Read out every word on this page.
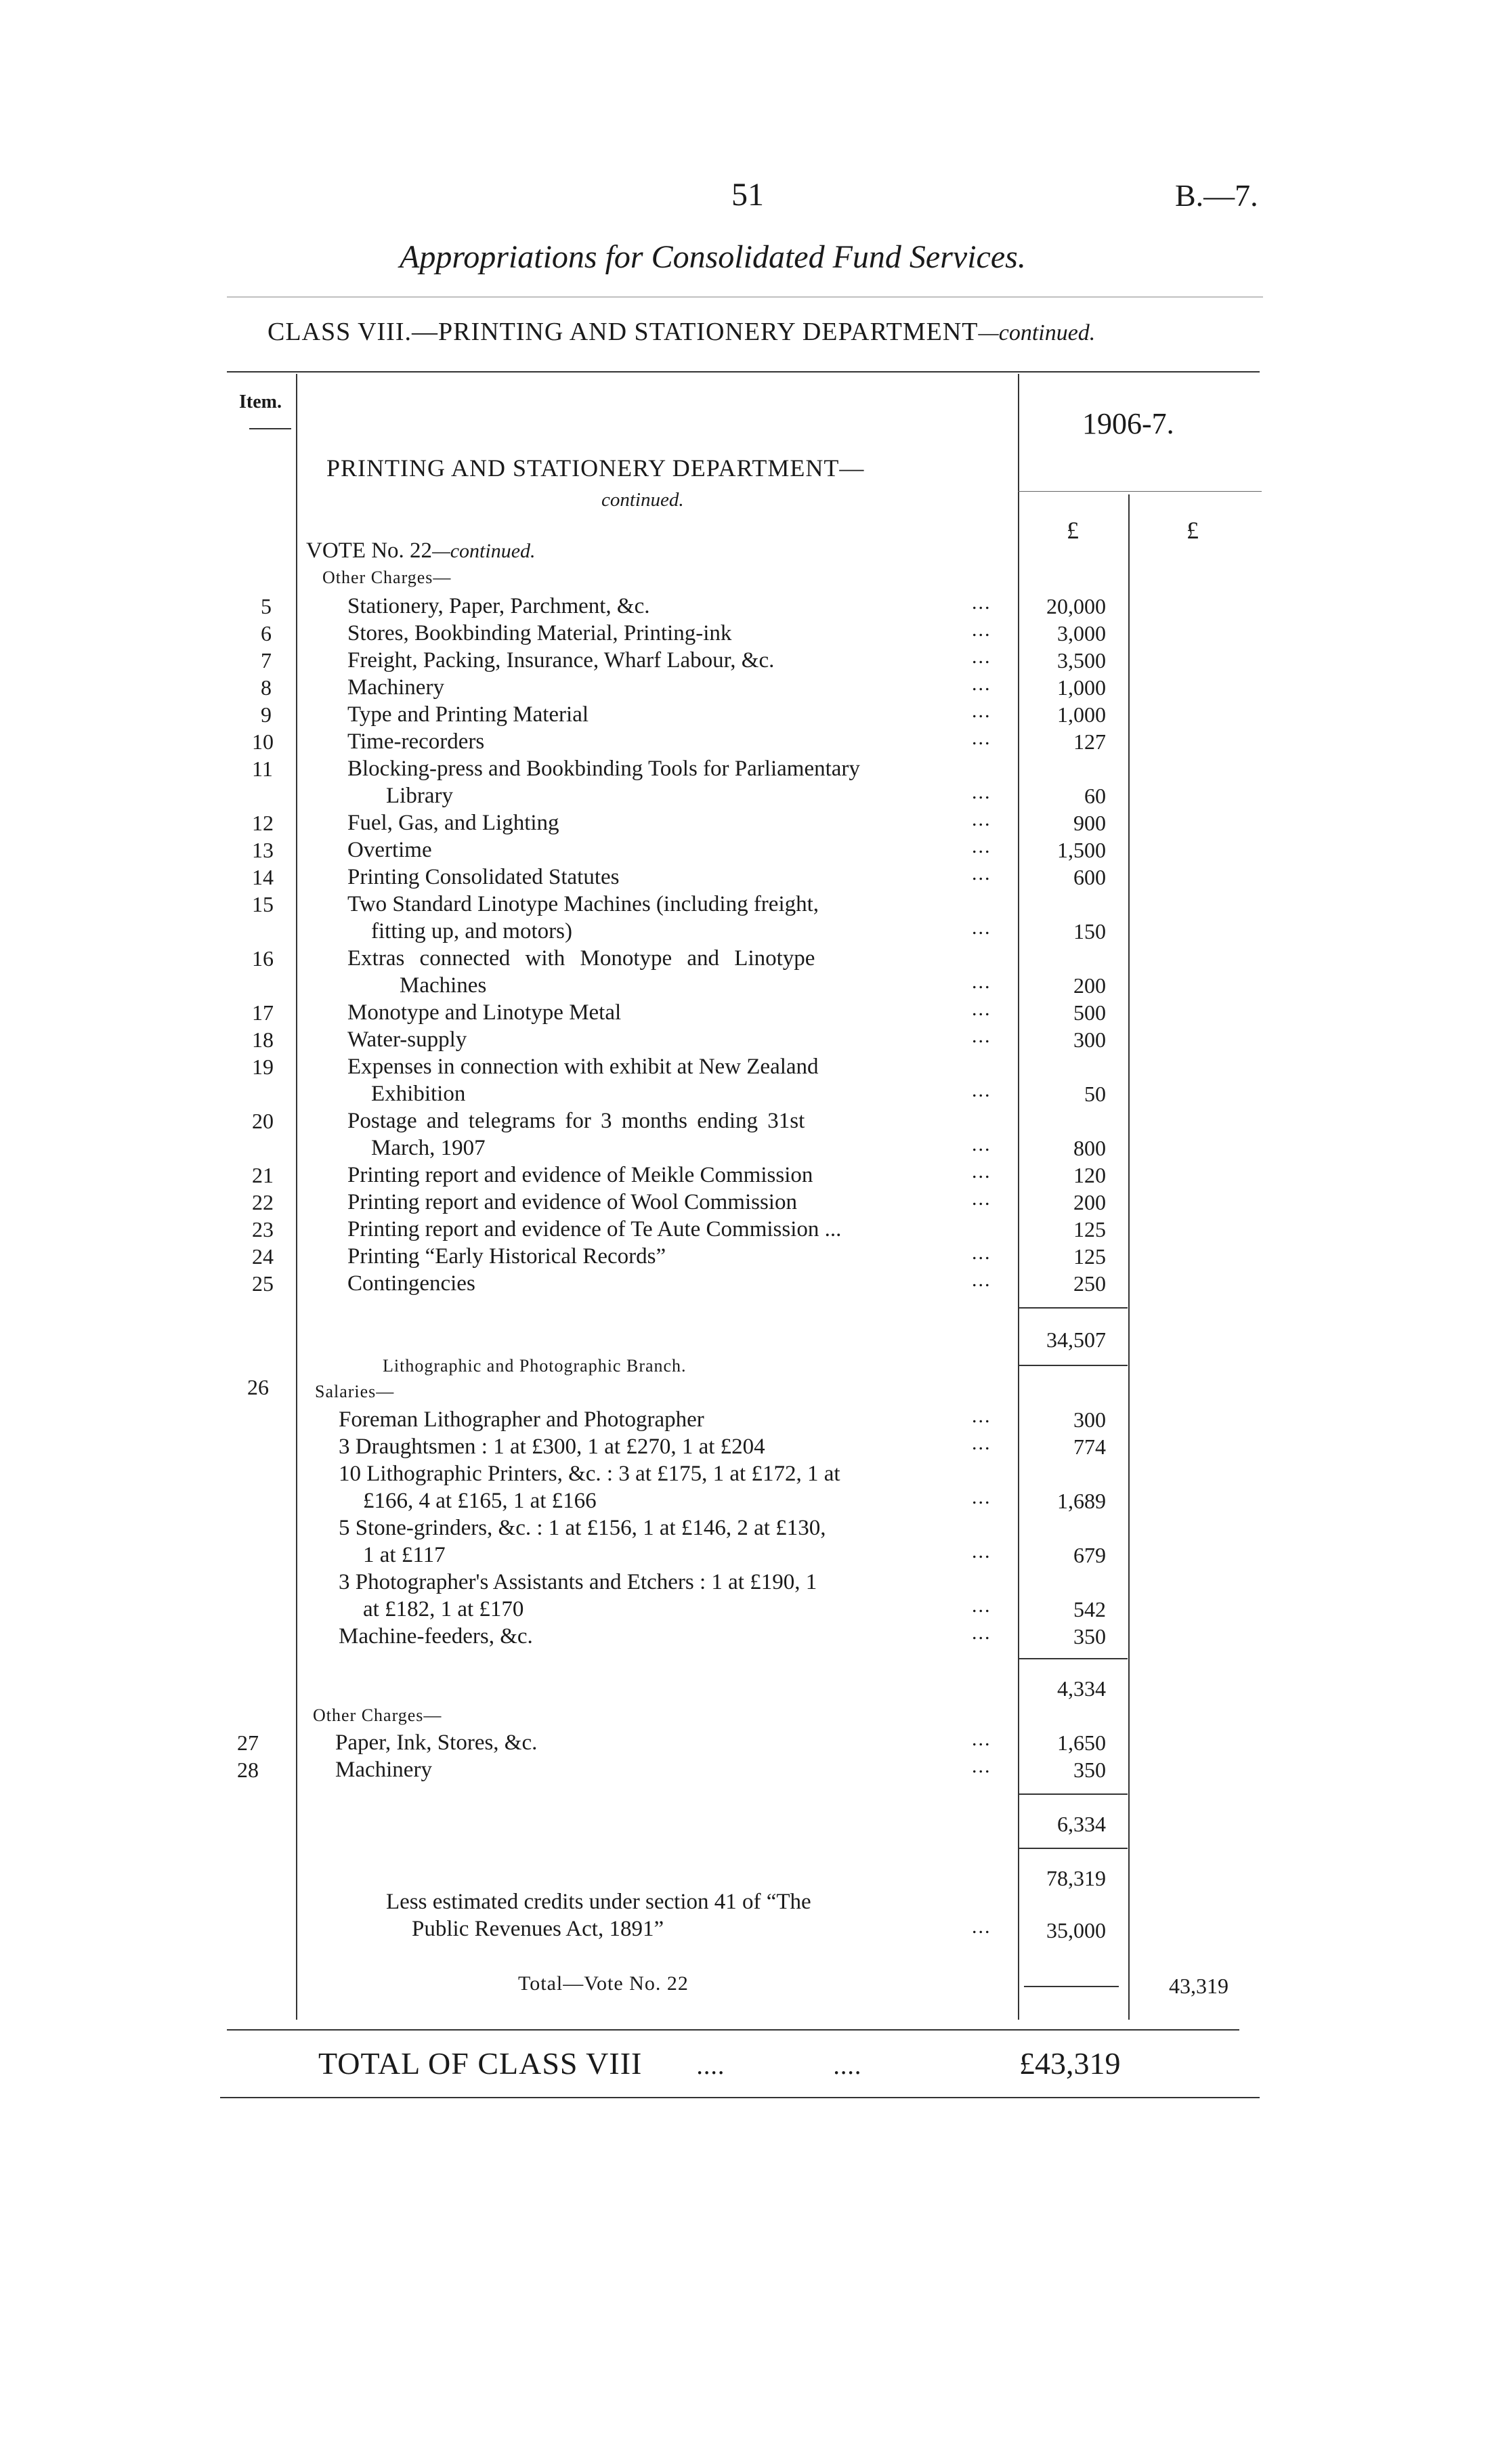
51	B.—7.
Appropriations for Consolidated Fund Services.
CLASS VIII.—PRINTING AND STATIONERY DEPARTMENT—continued.
Item.
1906-7.
PRINTING AND STATIONERY DEPARTMENT—
continued.
£	£
VOTE No. 22—continued.
Other Charges—
5	Stationery, Paper, Parchment, &c.	20,000
6	Stores, Bookbinding Material, Printing-ink	3,000
7	Freight, Packing, Insurance, Wharf Labour, &c.	3,500
8	Machinery	1,000
9	Type and Printing Material	1,000
10	Time-recorders	127
11	Blocking-press and Bookbinding Tools for Parliamentary
Library	60
12	Fuel, Gas, and Lighting	900
13	Overtime	1,500
14	Printing Consolidated Statutes	600
15	Two Standard Linotype Machines (including freight,
fitting up, and motors)	150
16	Extras connected with Monotype and Linotype
Machines	200
17	Monotype and Linotype Metal	500
18	Water-supply	300
19	Expenses in connection with exhibit at New Zealand
Exhibition	50
20	Postage and telegrams for 3 months ending 31st
March, 1907	800
21	Printing report and evidence of Meikle Commission	120
22	Printing report and evidence of Wool Commission	200
23	Printing report and evidence of Te Aute Commission ...	125
24	Printing “Early Historical Records”	125
25	Contingencies	250
...
...
...
...
...
...
...
...
...
...
...
...
...
...
...
...
...
...
...
...
...
...
...
...
...
...
...
...
...
34,507
Lithographic and Photographic Branch.
26	Salaries—
Foreman Lithographer and Photographer	300
3 Draughtsmen : 1 at £300, 1 at £270, 1 at £204	774
10 Lithographic Printers, &c. : 3 at £175, 1 at £172, 1 at
£166, 4 at £165, 1 at £166	1,689
5 Stone-grinders, &c. : 1 at £156, 1 at £146, 2 at £130,
1 at £117	679
3 Photographer's Assistants and Etchers : 1 at £190, 1
at £182, 1 at £170	542
Machine-feeders, &c.	350
4,334
Other Charges—
27	Paper, Ink, Stores, &c.	1,650
28	Machinery	350
6,334
78,319
Less estimated credits under section 41 of “The
Public Revenues Act, 1891”	35,000
Total—Vote No. 22	43,319
TOTAL OF CLASS VIII ....	....	£43,319
